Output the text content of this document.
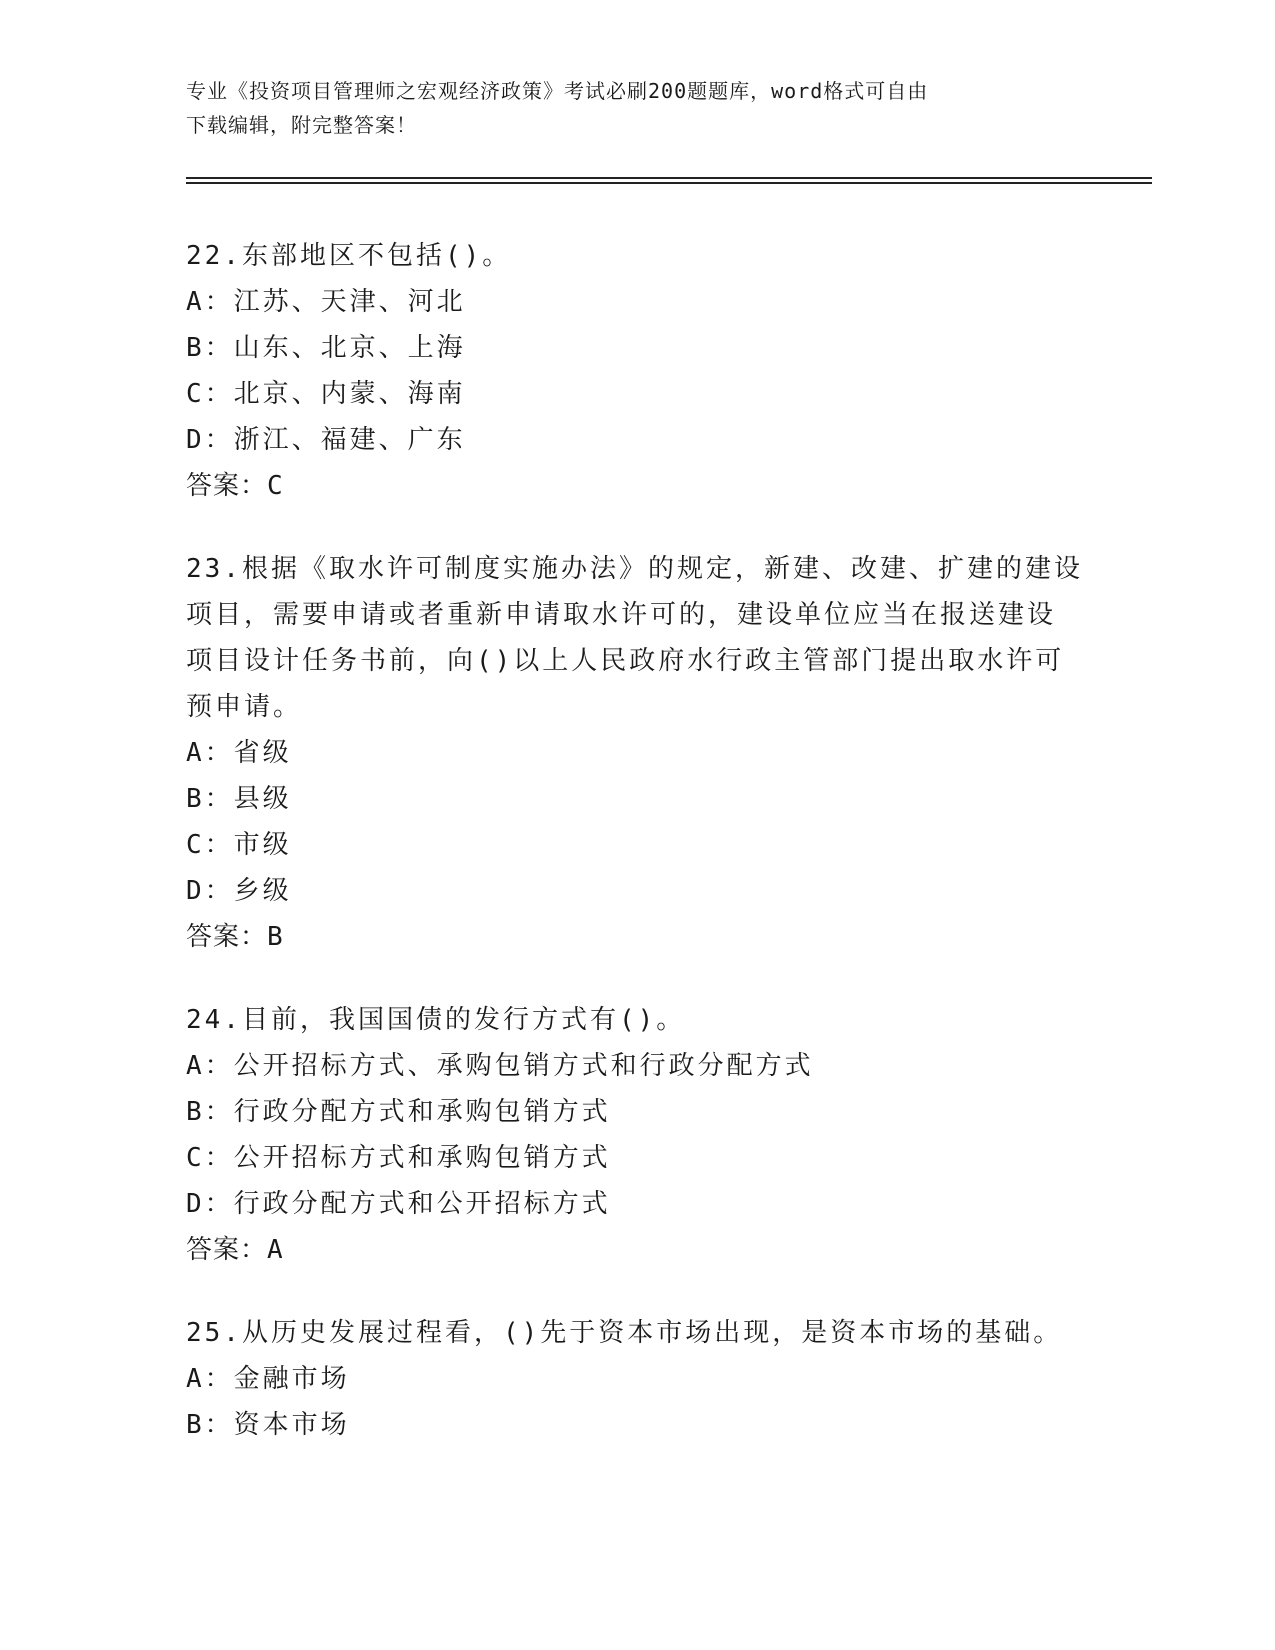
专业《投资项目管理师之宏观经济政策》考试必刷200题题库，word格式可自由
下载编辑，附完整答案！
22.东部地区不包括()。
A：江苏、天津、河北
B：山东、北京、上海
C：北京、内蒙、海南
D：浙江、福建、广东
答案：C
23.根据《取水许可制度实施办法》的规定，新建、改建、扩建的建设
项目，需要申请或者重新申请取水许可的，建设单位应当在报送建设
项目设计任务书前，向()以上人民政府水行政主管部门提出取水许可
预申请。
A：省级
B：县级
C：市级
D：乡级
答案：B
24.目前，我国国债的发行方式有()。
A：公开招标方式、承购包销方式和行政分配方式
B：行政分配方式和承购包销方式
C：公开招标方式和承购包销方式
D：行政分配方式和公开招标方式
答案：A
25.从历史发展过程看，()先于资本市场出现，是资本市场的基础。
A：金融市场
B：资本市场
